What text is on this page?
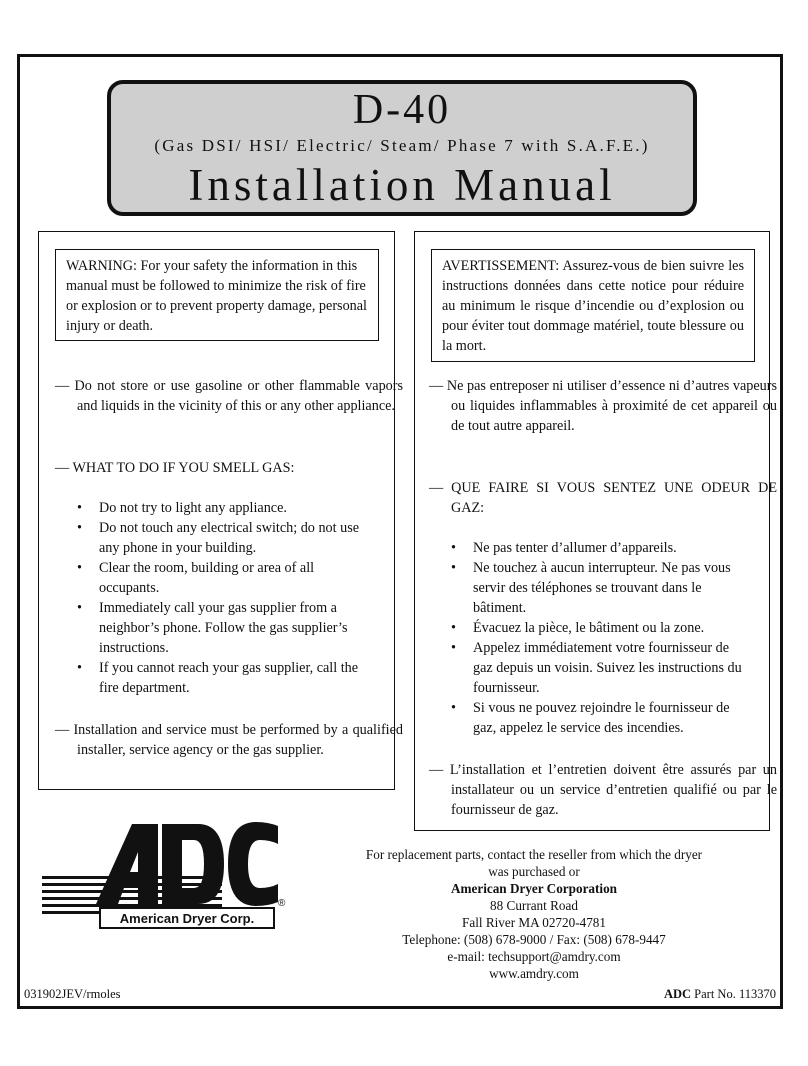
D-40
(Gas DSI/ HSI/ Electric/ Steam/ Phase 7 with S.A.F.E.)
Installation Manual
WARNING: For your safety the information in this manual must be followed to minimize the risk of fire or explosion or to prevent property damage, personal injury or death.
— Do not store or use gasoline or other flammable vapors and liquids in the vicinity of this or any other appliance.
— WHAT TO DO IF YOU SMELL GAS:
• Do not try to light any appliance.
• Do not touch any electrical switch; do not use any phone in your building.
• Clear the room, building or area of all occupants.
• Immediately call your gas supplier from a neighbor’s phone. Follow the gas supplier’s instructions.
• If you cannot reach your gas supplier, call the fire department.
— Installation and service must be performed by a qualified installer, service agency or the gas supplier.
AVERTISSEMENT: Assurez-vous de bien suivre les instructions données dans cette notice pour réduire au minimum le risque d’incendie ou d’explosion ou pour éviter tout dommage matériel, toute blessure ou la mort.
— Ne pas entreposer ni utiliser d’essence ni d’autres vapeurs ou liquides inflammables à proximité de cet appareil ou de tout autre appareil.
— QUE FAIRE SI VOUS SENTEZ UNE ODEUR DE GAZ:
• Ne pas tenter d’allumer d’appareils.
• Ne touchez à aucun interrupteur. Ne pas vous servir des téléphones se trouvant dans le bâtiment.
• Évacuez la pièce, le bâtiment ou la zone.
• Appelez immédiatement votre fournisseur de gaz depuis un voisin. Suivez les instructions du fournisseur.
• Si vous ne pouvez rejoindre le fournisseur de gaz, appelez le service des incendies.
— L’installation et l’entretien doivent être assurés par un installateur ou un service d’entretien qualifié ou par le fournisseur de gaz.
American Dryer Corp.
®
For replacement parts, contact the reseller from which the dryer
was purchased or
American Dryer Corporation
88 Currant Road
Fall River MA 02720-4781
Telephone: (508) 678-9000 / Fax: (508) 678-9447
e-mail: techsupport@amdry.com
www.amdry.com
031902JEV/rmoles	ADC Part No. 113370
